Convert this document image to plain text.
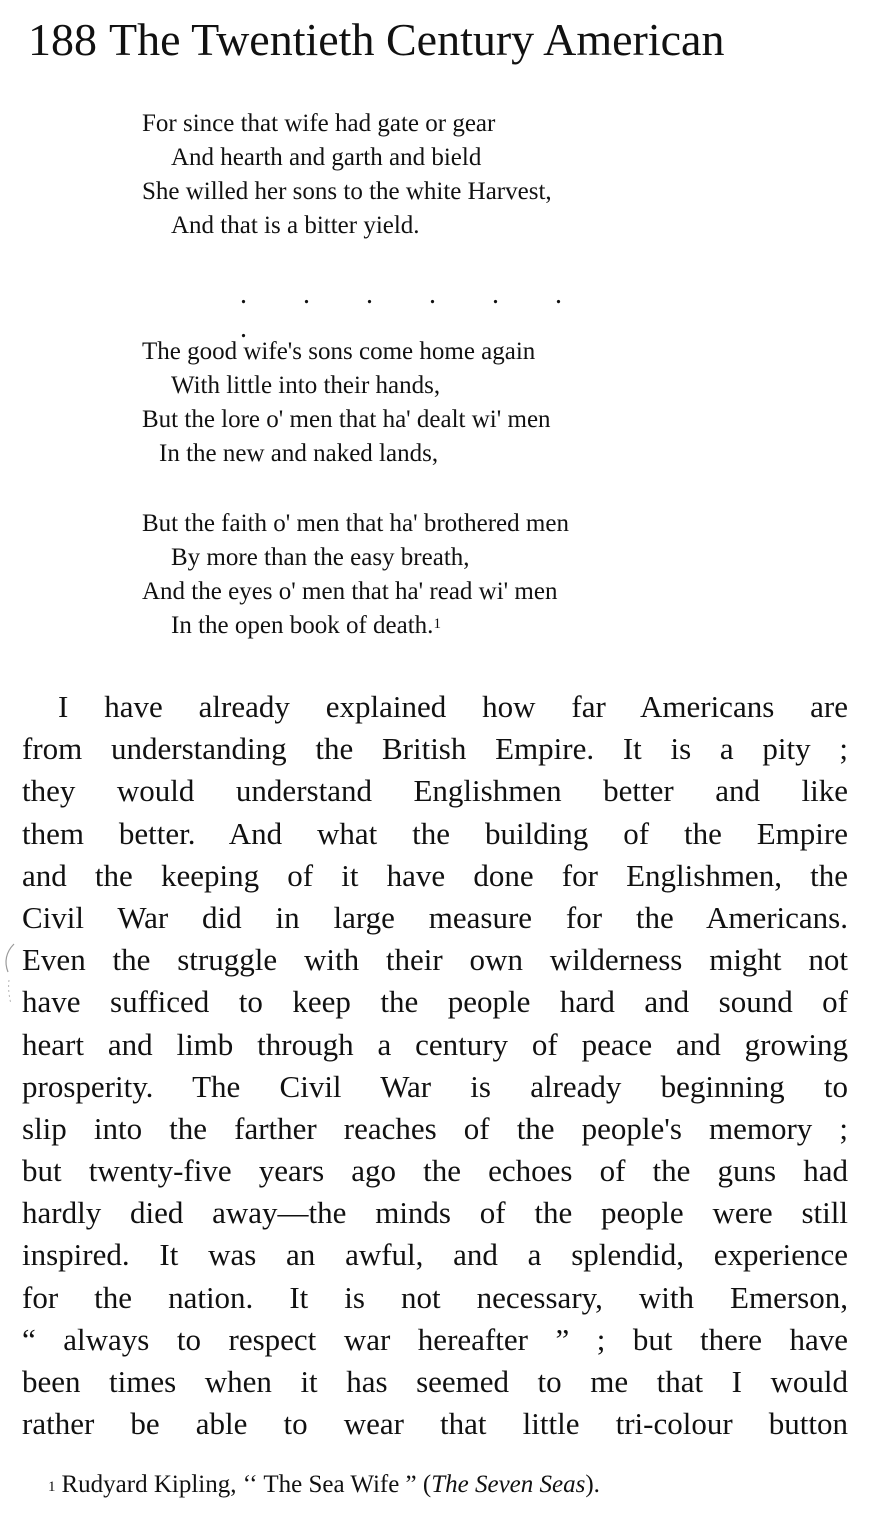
188 The Twentieth Century American
For since that wife had gate or gear
And hearth and garth and bield
She willed her sons to the white Harvest,
And that is a bitter yield.
. . . . . ..
The good wife's sons come home again
With little into their hands,
But the lore o' men that ha' dealt wi' men
In the new and naked lands,
But the faith o' men that ha' brothered men
By more than the easy breath,
And the eyes o' men that ha' read wi' men
In the open book of death.$^1$
I have already explained how far Americans are
from understanding the British Empire. It is a pity ;
they would understand Englishmen better and like
them better. And what the building of the Empire
and the keeping of it have done for Englishmen, the
Civil War did in large measure for the Americans.
Even the struggle with their own wilderness might not
have sufficed to keep the people hard and sound of
heart and limb through a century of peace and growing
prosperity. The Civil War is already beginning to
slip into the farther reaches of the people's memory ;
but twenty-five years ago the echoes of the guns had
hardly died away—the minds of the people were still
inspired. It was an awful, and a splendid, experience
for the nation. It is not necessary, with Emerson,
“ always to respect war hereafter ” ; but there have
been times when it has seemed to me that I would
rather be able to wear that little tri-colour button
$^1$ Rudyard Kipling, ‘‘ The Sea Wife ” (The Seven Seas).
